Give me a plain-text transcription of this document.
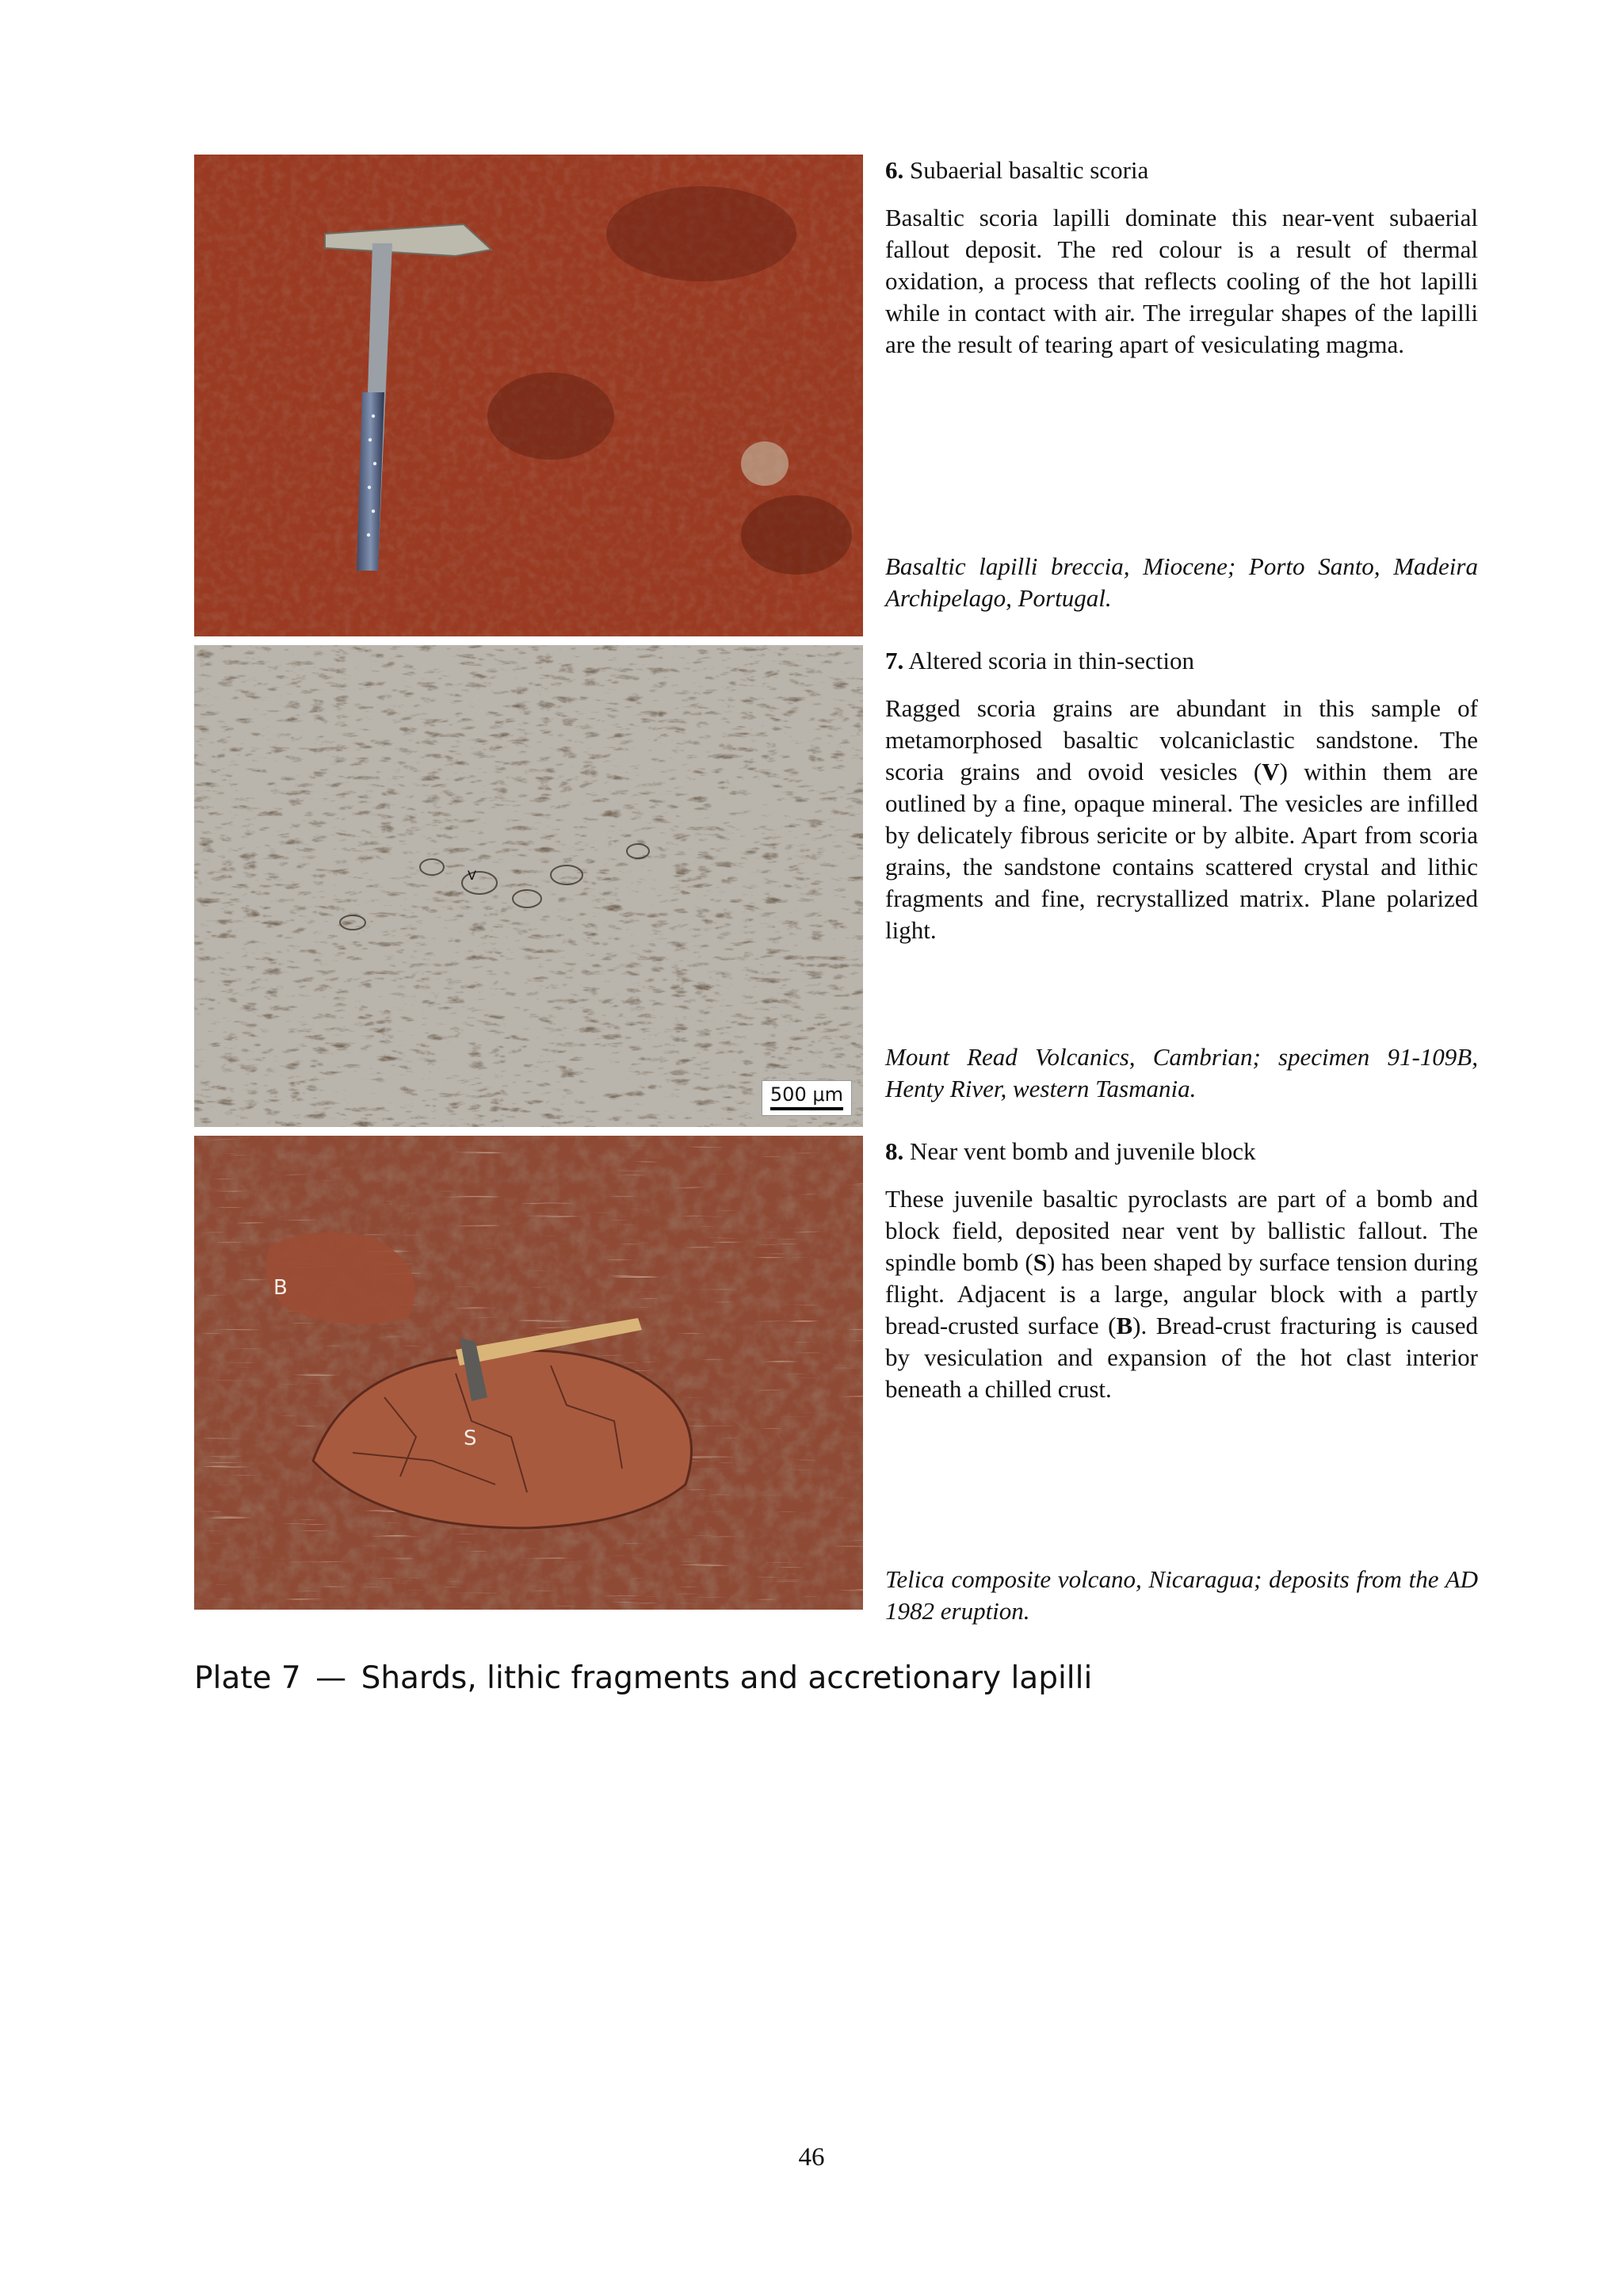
V
500 μm
B
S
6. Subaerial basaltic scoria

Basaltic scoria lapilli dominate this near-vent subaerial fallout deposit. The red colour is a result of thermal oxidation, a process that reflects cooling of the hot lapilli while in contact with air. The irregular shapes of the lapilli are the result of tearing apart of vesiculating magma.

Basaltic lapilli breccia, Miocene; Porto Santo, Madeira Archipelago, Portugal.

7. Altered scoria in thin-section

Ragged scoria grains are abundant in this sample of metamorphosed basaltic volcaniclastic sandstone. The scoria grains and ovoid vesicles (V) within them are outlined by a fine, opaque mineral. The vesicles are infilled by delicately fibrous sericite or by albite. Apart from scoria grains, the sandstone contains scattered crystal and lithic fragments and fine, recrystallized matrix. Plane polarized light.

Mount Read Volcanics, Cambrian; specimen 91-109B, Henty River, western Tasmania.

8. Near vent bomb and juvenile block

These juvenile basaltic pyroclasts are part of a bomb and block field, deposited near vent by ballistic fallout. The spindle bomb (S) has been shaped by surface tension during flight. Adjacent is a large, angular block with a partly bread-crusted surface (B). Bread-crust fracturing is caused by vesiculation and expansion of the hot clast interior beneath a chilled crust.

Telica composite volcano, Nicaragua; deposits from the AD 1982 eruption.

Plate 7 — Shards, lithic fragments and accretionary lapilli
46
